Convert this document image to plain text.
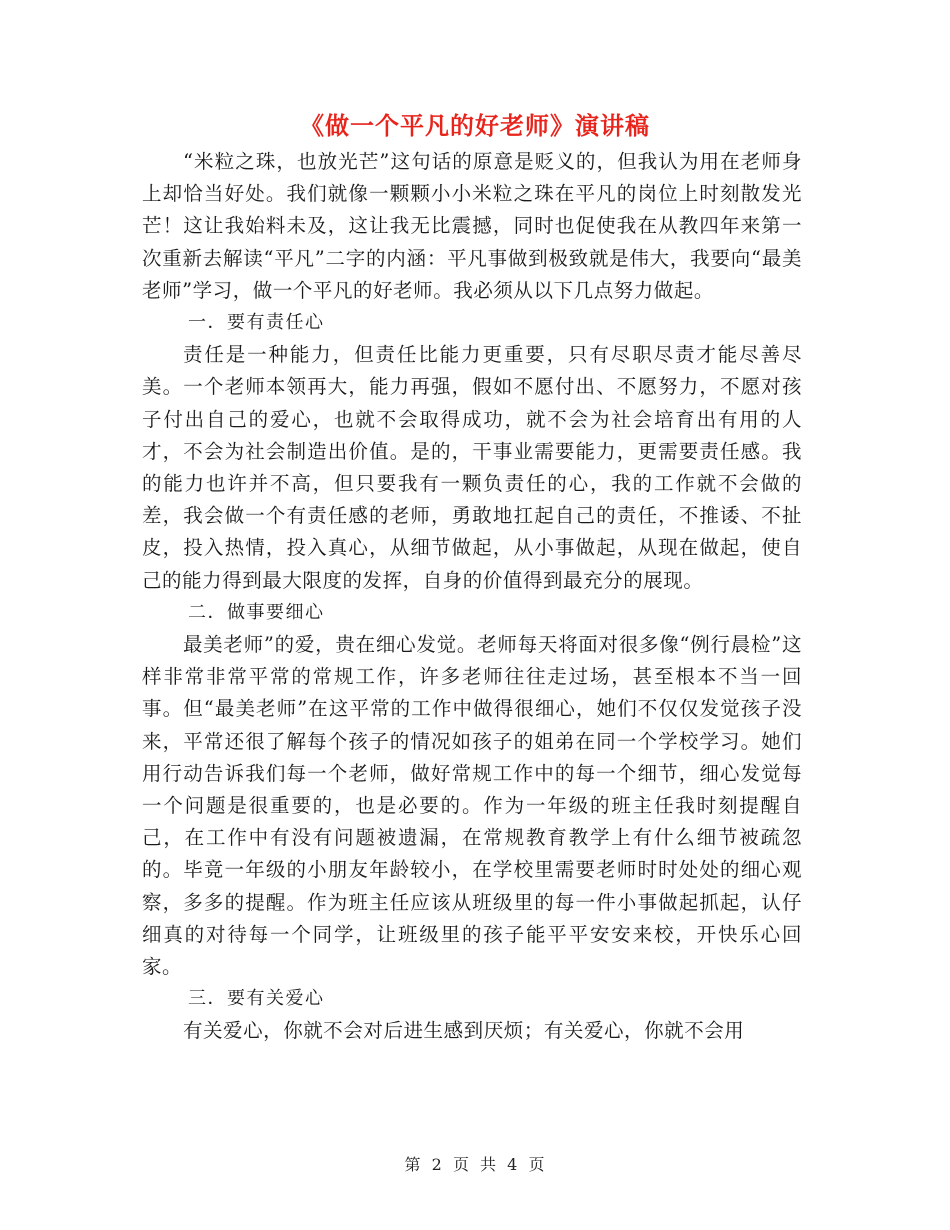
《做一个平凡的好老师》演讲稿

“米粒之珠，也放光芒”这句话的原意是贬义的，但我认为用在老师身上却恰当好处。我们就像一颗颗小小米粒之珠在平凡的岗位上时刻散发光芒！这让我始料未及，这让我无比震撼，同时也促使我在从教四年来第一次重新去解读“平凡”二字的内涵：平凡事做到极致就是伟大，我要向“最美老师”学习，做一个平凡的好老师。我必须从以下几点努力做起。

一．要有责任心

责任是一种能力，但责任比能力更重要，只有尽职尽责才能尽善尽美。一个老师本领再大，能力再强，假如不愿付出、不愿努力，不愿对孩子付出自己的爱心，也就不会取得成功，就不会为社会培育出有用的人才，不会为社会制造出价值。是的，干事业需要能力，更需要责任感。我的能力也许并不高，但只要我有一颗负责任的心，我的工作就不会做的差，我会做一个有责任感的老师，勇敢地扛起自己的责任，不推诿、不扯皮，投入热情，投入真心，从细节做起，从小事做起，从现在做起，使自己的能力得到最大限度的发挥，自身的价值得到最充分的展现。

二．做事要细心

最美老师”的爱，贵在细心发觉。老师每天将面对很多像“例行晨检”这样非常非常平常的常规工作，许多老师往往走过场，甚至根本不当一回事。但“最美老师”在这平常的工作中做得很细心，她们不仅仅发觉孩子没来，平常还很了解每个孩子的情况如孩子的姐弟在同一个学校学习。她们用行动告诉我们每一个老师，做好常规工作中的每一个细节，细心发觉每一个问题是很重要的，也是必要的。作为一年级的班主任我时刻提醒自己，在工作中有没有问题被遗漏，在常规教育教学上有什么细节被疏忽的。毕竟一年级的小朋友年龄较小，在学校里需要老师时时处处的细心观察，多多的提醒。作为班主任应该从班级里的每一件小事做起抓起，认仔细真的对待每一个同学，让班级里的孩子能平平安安来校，开快乐心回家。

三．要有关爱心

有关爱心，你就不会对后进生感到厌烦；有关爱心，你就不会用

第 2 页 共 4 页
